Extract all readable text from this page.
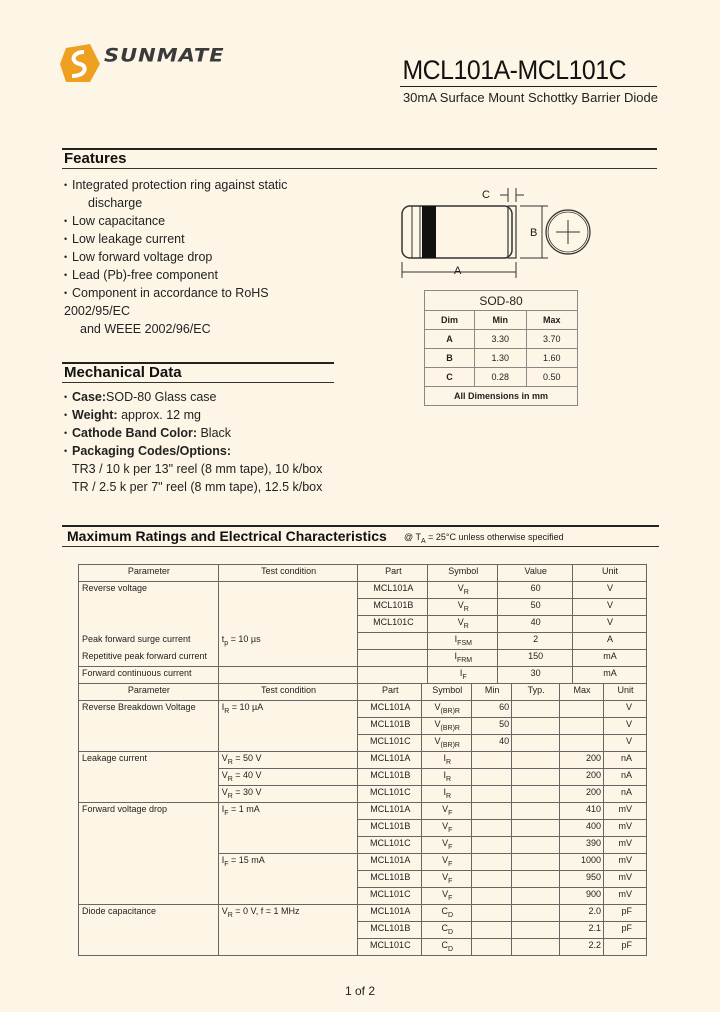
SUNMATE	MCL101A-MCL101C
30mA Surface Mount Schottky Barrier Diode
Features
• Integrated protection ring against static
discharge
• Low capacitance
• Low leakage current
• Low forward voltage drop
• Lead (Pb)-free component
• Component in accordance to RoHS 2002/95/EC
and WEEE 2002/96/EC
C
B
A
SOD-80		
Dim	Min	Max
A	3.30	3.70
B	1.30	1.60
C	0.28	0.50
All Dimensions in mm		
Mechanical Data
• Case:SOD-80 Glass case
• Weight: approx. 12 mg
• Cathode Band Color: Black
• Packaging Codes/Options:
TR3 / 10 k per 13" reel (8 mm tape), 10 k/box
TR / 2.5 k per 7" reel (8 mm tape), 12.5 k/box
Maximum Ratings and Electrical Characteristics @ $T_A = 25^\circ C$ unless otherwise specified
Parameter	Test condition	Part	Symbol	Value	Unit
Reverse voltage		MCL101A	$V_R$	60	V
		MCL101B	$V_R$	50	V
		MCL101C	$V_R$	40	V
Peak forward surge current	$t_p = 10$ µs		$I_{FSM}$	2	A
Repetitive peak forward current			$I_{FRM}$	150	mA
Forward continuous current			$I_F$	30	mA
Parameter	Test condition	Part	Symbol	Min	Typ.	Max	Unit
Reverse Breakdown Voltage	$I_R = 10$ µA	MCL101A	$V_{(BR)R}$	60			V
		MCL101B	$V_{(BR)R}$	50			V
		MCL101C	$V_{(BR)R}$	40			V
Leakage current	$V_R = 50$ V	MCL101A	$I_R$			200	nA
	$V_R = 40$ V	MCL101B	$I_R$			200	nA
	$V_R = 30$ V	MCL101C	$I_R$			200	nA
Forward voltage drop	$I_F = 1$ mA	MCL101A	$V_F$			410	mV
		MCL101B	$V_F$			400	mV
		MCL101C	$V_F$			390	mV
	$I_F = 15$ mA	MCL101A	$V_F$			1000	mV
		MCL101B	$V_F$			950	mV
		MCL101C	$V_F$			900	mV
Diode capacitance	$V_R = 0$ V, f = 1 MHz	MCL101A	$C_D$			2.0	pF
		MCL101B	$C_D$			2.1	pF
		MCL101C	$C_D$			2.2	pF
1 of 2
